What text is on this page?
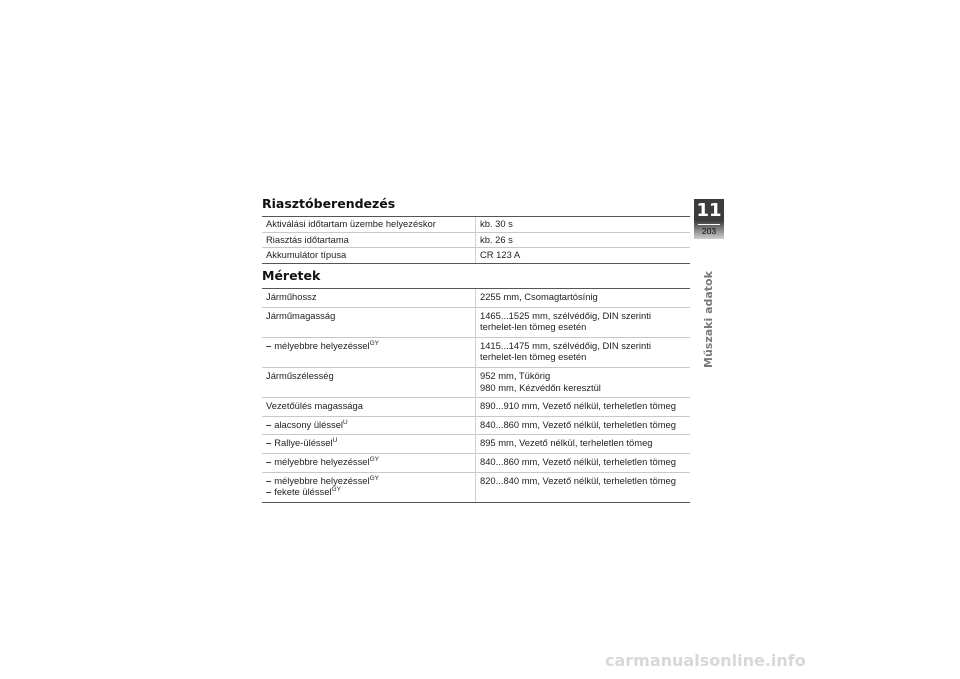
Riasztóberendezés
Aktiválási időtartam üzembe helyezéskor	kb. 30 s
Riasztás időtartama	kb. 26 s
Akkumulátor típusa	CR 123 A
Méretek
Járműhossz	2255 mm, Csomagtartósínig
Járműmagasság	1465...1525 mm, szélvédőig, DIN szerinti terhelet-len tömeg esetén
– mélyebbre helyezéssel$^{GY}$	1415...1475 mm, szélvédőig, DIN szerinti terhelet-len tömeg esetén
Járműszélesség	952 mm, Tükörig
980 mm, Kézvédőn keresztül

Vezetőülés magassága	890...910 mm, Vezető nélkül, terheletlen tömeg
– alacsony üléssel$^U$	840...860 mm, Vezető nélkül, terheletlen tömeg
– Rallye-üléssel$^U$	895 mm, Vezető nélkül, terheletlen tömeg
– mélyebbre helyezéssel$^{GY}$	840...860 mm, Vezető nélkül, terheletlen tömeg

– mélyebbre helyezéssel$^{GY}$
– fekete üléssel$^{GY}$	820...840 mm, Vezető nélkül, terheletlen tömeg
11
203
Műszaki adatok
carmanualsonline.info
